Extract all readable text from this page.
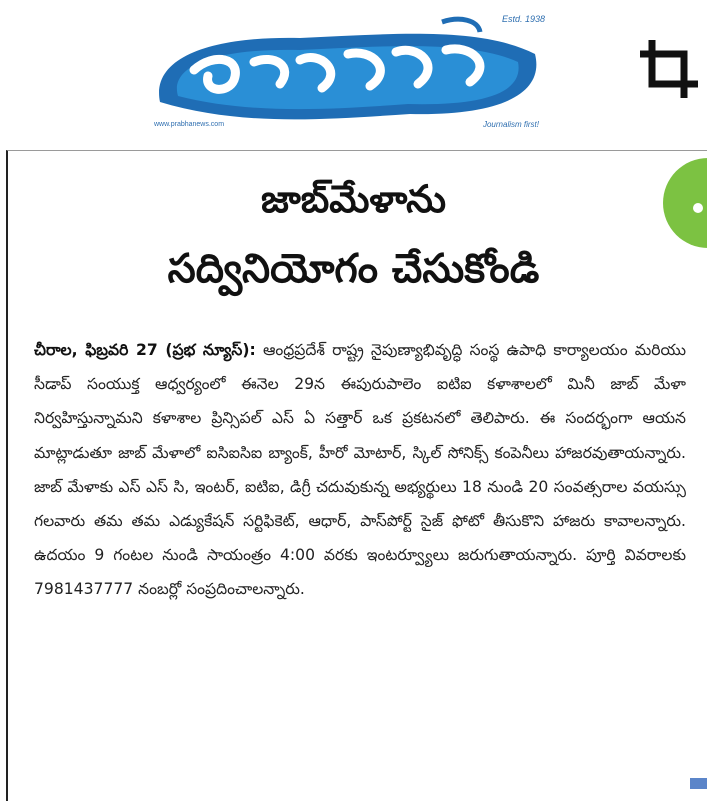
Estd. 1938
www.prabhanews.com	Journalism first!
జాబ్‌మేళాను
సద్వినియోగం చేసుకోండి
చీరాల, ఫిబ్రవరి 27 (ప్రభ న్యూస్‌): ఆంధ్రప్రదేశ్‌ రాష్ట్ర నైపుణ్యాభివృద్ధి సంస్థ ఉపాధి కార్యాలయం మరియు సీడాప్‌ సంయుక్త ఆధ్వర్యంలో ఈనెల 29న ఈపురుపాలెం ఐటిఐ కళాశాలలో మినీ జాబ్‌ మేళా నిర్వహిస్తున్నామని కళాశాల ప్రిన్సిపల్‌ ఎస్‌ ఏ సత్తార్‌ ఒక ప్రకటనలో తెలిపారు. ఈ సందర్భంగా ఆయన మాట్లాడుతూ జాబ్‌ మేళాలో ఐసిఐసిఐ బ్యాంక్‌, హీరో మోటార్‌, స్కిల్‌ సోనిక్స్‌ కంపెనీలు హాజరవుతాయన్నారు. జాబ్‌ మేళాకు ఎస్‌ ఎస్‌ సి, ఇంటర్‌, ఐటిఐ, డిగ్రీ చదువుకున్న అభ్యర్థులు 18 నుండి 20 సంవత్సరాల వయస్సు గలవారు తమ తమ ఎడ్యుకేషన్‌ సర్టిఫికెట్‌, ఆధార్‌, పాస్‌పోర్ట్‌ సైజ్‌ ఫోటో తీసుకొని హాజరు కావాలన్నారు. ఉదయం 9 గంటల నుండి సాయంత్రం 4:00 వరకు ఇంటర్వ్యూలు జరుగుతాయన్నారు. పూర్తి వివరాలకు 7981437777 నంబర్లో సంప్రదించాలన్నారు.
